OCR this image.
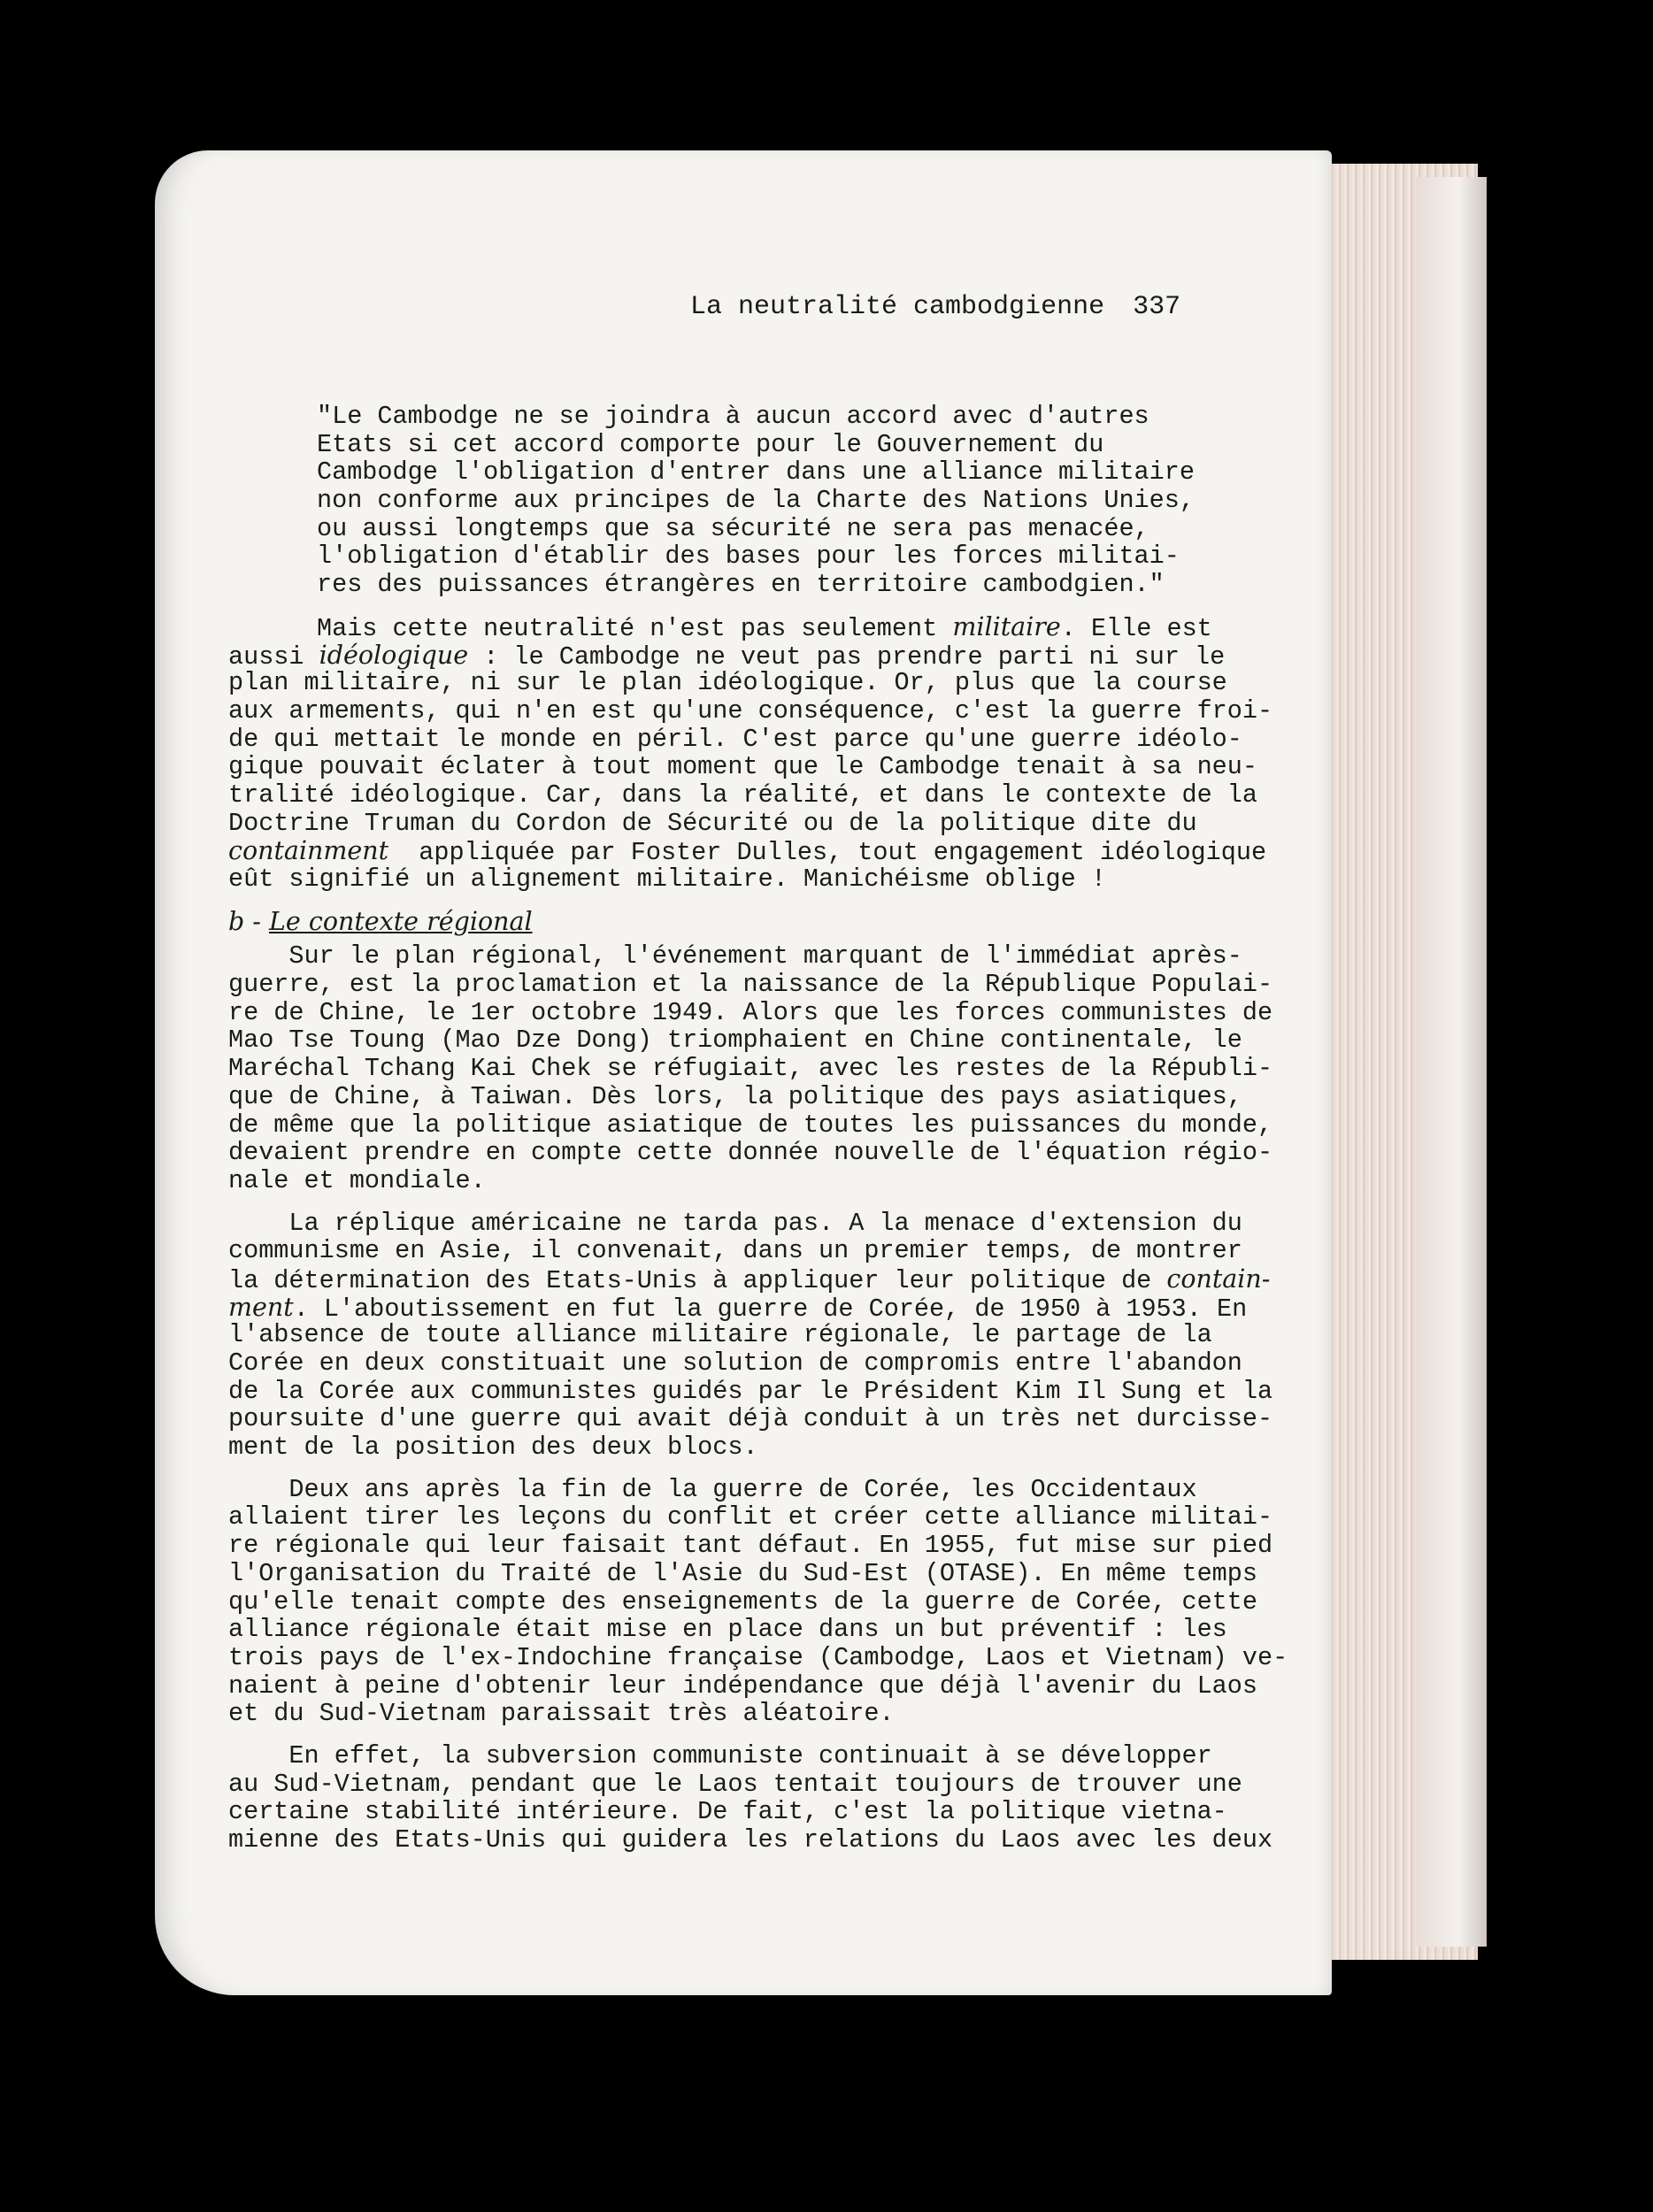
La neutralité cambodgienne 337
"Le Cambodge ne se joindra à aucun accord avec d'autres
Etats si cet accord comporte pour le Gouvernement du
Cambodge l'obligation d'entrer dans une alliance militaire
non conforme aux principes de la Charte des Nations Unies,
ou aussi longtemps que sa sécurité ne sera pas menacée,
l'obligation d'établir des bases pour les forces militai-
res des puissances étrangères en territoire cambodgien."
Mais cette neutralité n'est pas seulement militaire. Elle est
aussi idéologique : le Cambodge ne veut pas prendre parti ni sur le
plan militaire, ni sur le plan idéologique. Or, plus que la course
aux armements, qui n'en est qu'une conséquence, c'est la guerre froi-
de qui mettait le monde en péril. C'est parce qu'une guerre idéolo-
gique pouvait éclater à tout moment que le Cambodge tenait à sa neu-
tralité idéologique. Car, dans la réalité, et dans le contexte de la
Doctrine Truman du Cordon de Sécurité ou de la politique dite du
containment  appliquée par Foster Dulles, tout engagement idéologique
eût signifié un alignement militaire. Manichéisme oblige !
b - Le contexte régional
Sur le plan régional, l'événement marquant de l'immédiat après-
guerre, est la proclamation et la naissance de la République Populai-
re de Chine, le 1er octobre 1949. Alors que les forces communistes de
Mao Tse Toung (Mao Dze Dong) triomphaient en Chine continentale, le
Maréchal Tchang Kai Chek se réfugiait, avec les restes de la Républi-
que de Chine, à Taiwan. Dès lors, la politique des pays asiatiques,
de même que la politique asiatique de toutes les puissances du monde,
devaient prendre en compte cette donnée nouvelle de l'équation régio-
nale et mondiale.
La réplique américaine ne tarda pas. A la menace d'extension du
communisme en Asie, il convenait, dans un premier temps, de montrer
la détermination des Etats-Unis à appliquer leur politique de contain-
ment. L'aboutissement en fut la guerre de Corée, de 1950 à 1953. En
l'absence de toute alliance militaire régionale, le partage de la
Corée en deux constituait une solution de compromis entre l'abandon
de la Corée aux communistes guidés par le Président Kim Il Sung et la
poursuite d'une guerre qui avait déjà conduit à un très net durcisse-
ment de la position des deux blocs.
Deux ans après la fin de la guerre de Corée, les Occidentaux
allaient tirer les leçons du conflit et créer cette alliance militai-
re régionale qui leur faisait tant défaut. En 1955, fut mise sur pied
l'Organisation du Traité de l'Asie du Sud-Est (OTASE). En même temps
qu'elle tenait compte des enseignements de la guerre de Corée, cette
alliance régionale était mise en place dans un but préventif : les
trois pays de l'ex-Indochine française (Cambodge, Laos et Vietnam) ve-
naient à peine d'obtenir leur indépendance que déjà l'avenir du Laos
et du Sud-Vietnam paraissait très aléatoire.
En effet, la subversion communiste continuait à se développer
au Sud-Vietnam, pendant que le Laos tentait toujours de trouver une
certaine stabilité intérieure. De fait, c'est la politique vietna-
mienne des Etats-Unis qui guidera les relations du Laos avec les deux
